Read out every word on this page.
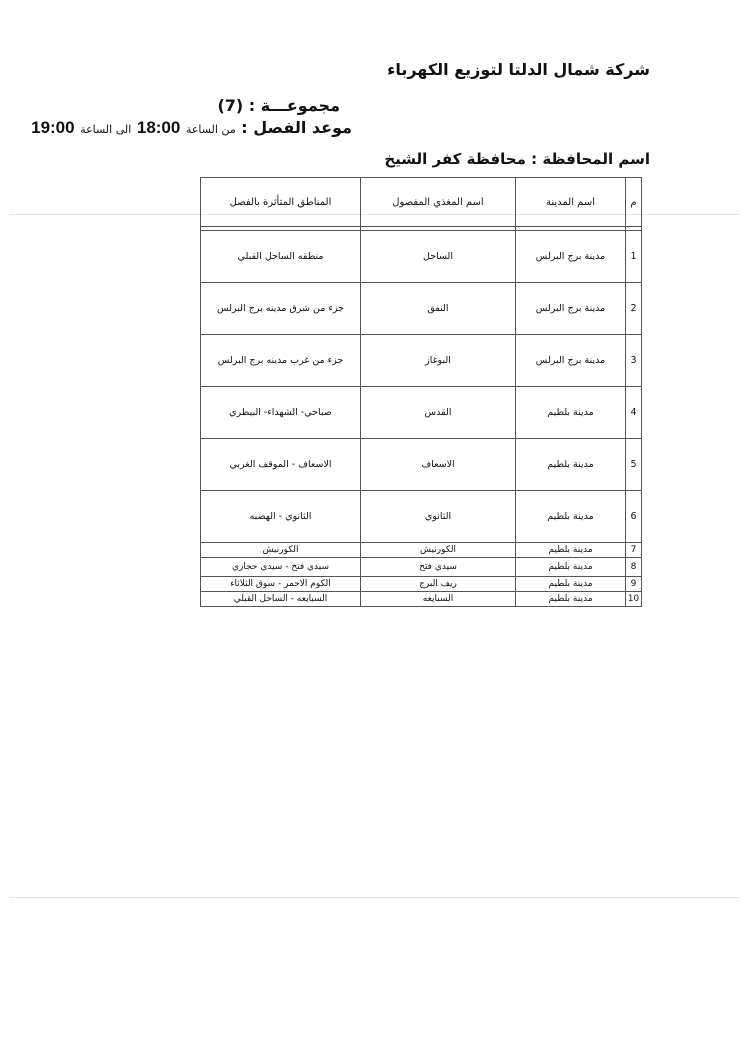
شركة شمال الدلتا لتوزيع الكهرباء
مجموعـــة : (7)
موعد الفصل : من الساعة 18:00 الى الساعة 19:00
اسم المحافظة : محافظة كفر الشيخ
م	اسم المدينة	اسم المغذي المفصول	المناطق المتأثرة بالفصل

1	مدينة برج البرلس	الساحل	منطقه الساحل القبلي
2	مدينة برج البرلس	النفق	جزء من شرق مدينه برج البرلس
3	مدينة برج البرلس	البوغاز	جزء من غرب مدينه برج البرلس
4	مدينة بلطيم	القدس	صباحي- الشهداء- البيطري
5	مدينة بلطيم	الاسعاف	الاسعاف - الموقف الغربي
6	مدينة بلطيم	الثانوي	الثانوي - الهضبه
7	مدينة بلطيم	الكورنيش	الكورنيش
8	مدينة بلطيم	سيدي فتح	سيدي فتح - سيدي حجازي
9	مدينة بلطيم	ريف البرج	الكوم الاحمر - سوق الثلاثاء
10	مدينة بلطيم	السبايعه	السبايعه - الساحل القبلي
